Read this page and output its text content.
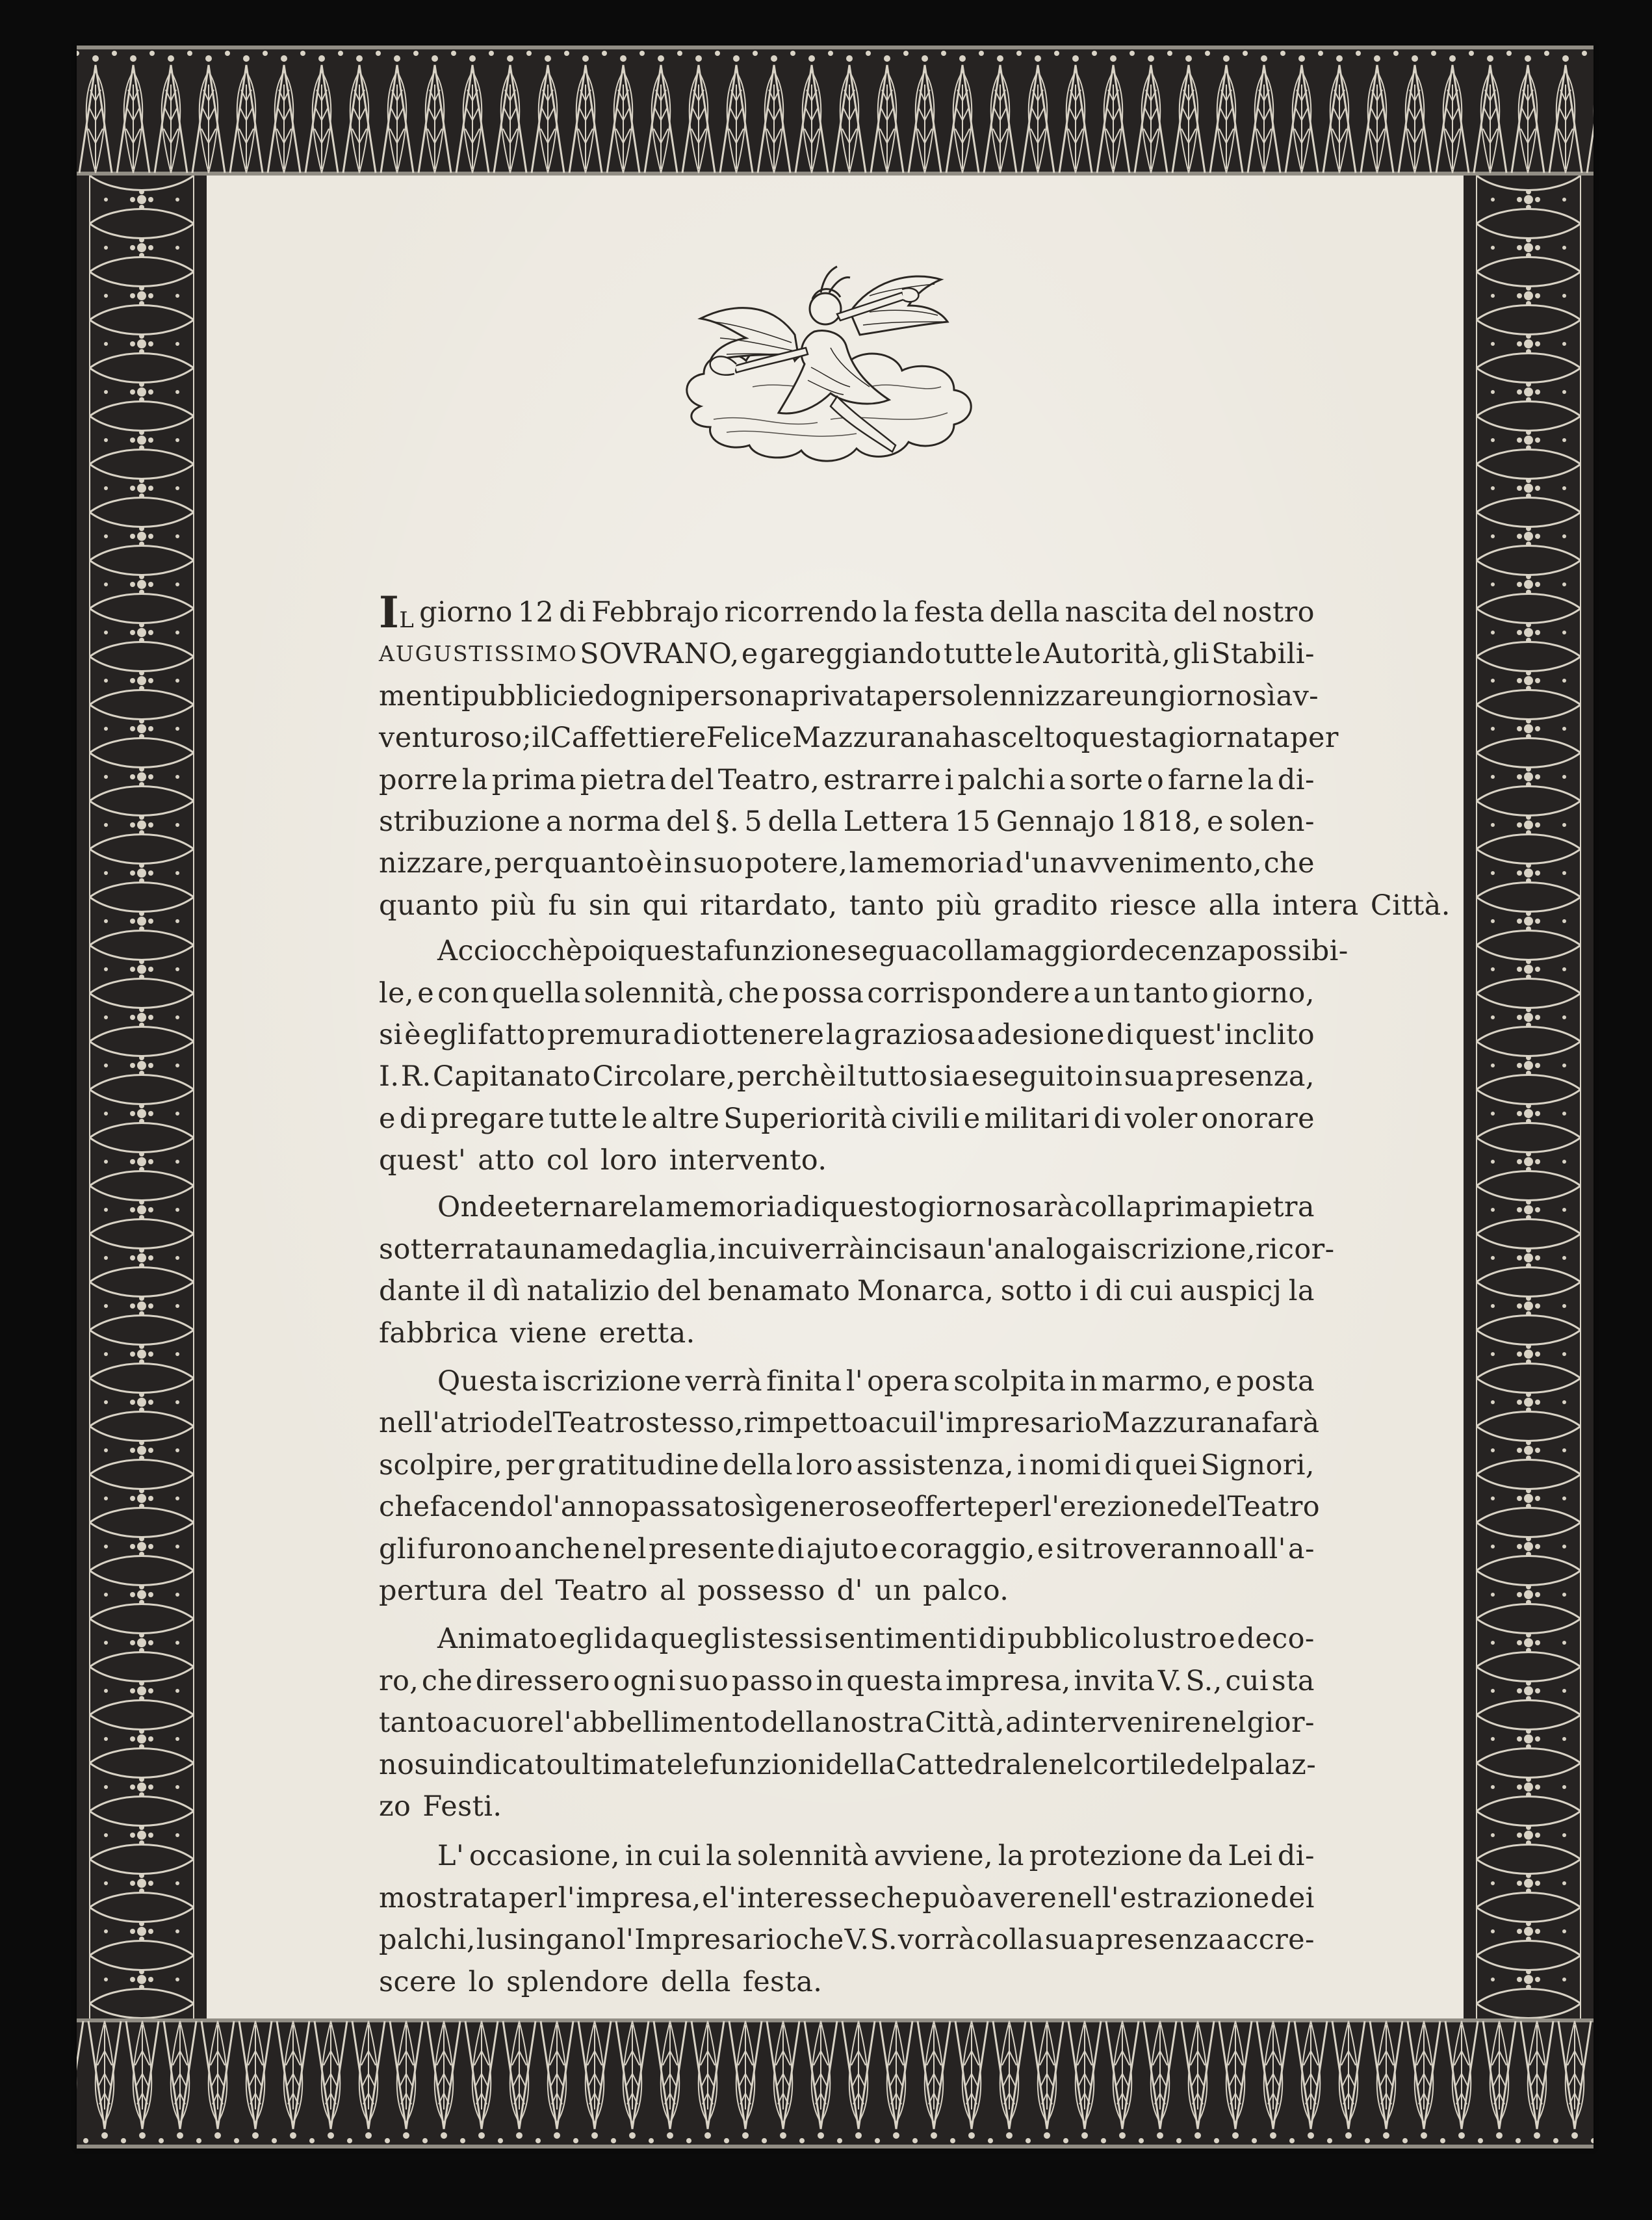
IL giorno 12 di Febbrajo ricorrendo la festa della nascita del nostro
AUGUSTISSIMO SOVRANO, e gareggiando tutte le Autorità, gli Stabili-
menti pubblici ed ogni persona privata per solennizzare un giorno sì av-
venturoso; il Caffettiere Felice Mazzurana ha scelto questa giornata per
porre la prima pietra del Teatro, estrarre i palchi a sorte o farne la di-
stribuzione a norma del §. 5 della Lettera 15 Gennajo 1818, e solen-
nizzare, per quanto è in suo potere, la memoria d'un avvenimento, che
quanto più fu sin qui ritardato, tanto più gradito riesce alla intera Città.
Acciocchè poi questa funzione segua colla maggior decenza possibi-
le, e con quella solennità, che possa corrispondere a un tanto giorno,
si è egli fatto premura di ottenere la graziosa adesione di quest' inclito
I. R. Capitanato Circolare, perchè il tutto sia eseguito in sua presenza,
e di pregare tutte le altre Superiorità civili e militari di voler onorare
quest' atto col loro intervento.
Onde eternare la memoria di questo giorno sarà colla prima pietra
sotterrata una medaglia, in cui verrà incisa un' analoga iscrizione, ricor-
dante il dì natalizio del benamato Monarca, sotto i di cui auspicj la
fabbrica viene eretta.
Questa iscrizione verrà finita l' opera scolpita in marmo, e posta
nell' atrio del Teatro stesso, rimpetto a cui l' impresario Mazzurana farà
scolpire, per gratitudine della loro assistenza, i nomi di quei Signori,
che facendo l' anno passato sì generose offerte per l' erezione del Teatro
gli furono anche nel presente di ajuto e coraggio, e si troveranno all' a-
pertura del Teatro al possesso d' un palco.
Animato egli da quegli stessi sentimenti di pubblico lustro e deco-
ro, che diressero ogni suo passo in questa impresa, invita V. S., cui sta
tanto a cuore l' abbellimento della nostra Città, ad intervenire nel gior-
no suindicato ultimate le funzioni della Cattedrale nel cortile del palaz-
zo Festi.
L' occasione, in cui la solennità avviene, la protezione da Lei di-
mostrata per l' impresa, e l' interesse che può avere nell' estrazione dei
palchi, lusingano l' Impresario che V. S. vorrà colla sua presenza accre-
scere lo splendore della festa.
